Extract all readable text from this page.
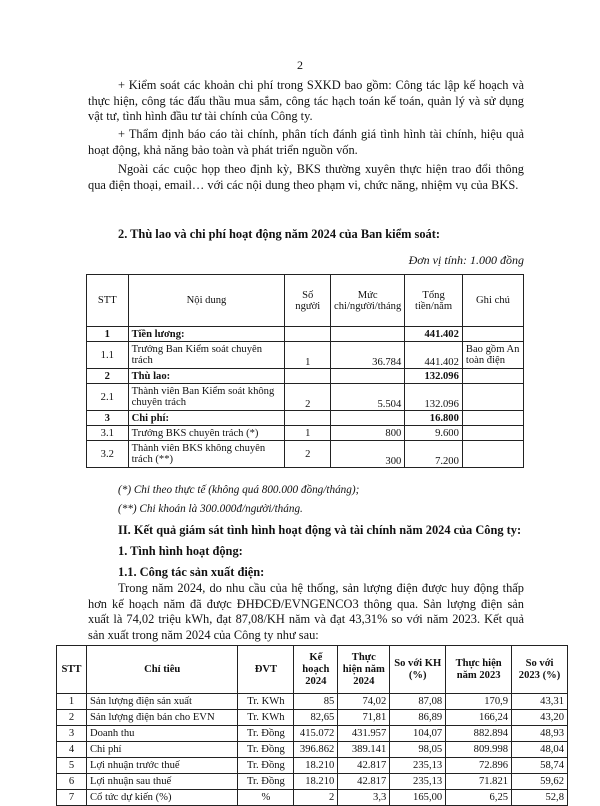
2

+ Kiểm soát các khoản chi phí trong SXKD bao gồm: Công tác lập kế hoạch và thực hiện, công tác đấu thầu mua sắm, công tác hạch toán kế toán, quản lý và sử dụng vật tư, tình hình đầu tư tài chính của Công ty.

+ Thẩm định báo cáo tài chính, phân tích đánh giá tình hình tài chính, hiệu quả hoạt động, khả năng bảo toàn và phát triển nguồn vốn.

Ngoài các cuộc họp theo định kỳ, BKS thường xuyên thực hiện trao đổi thông qua điện thoại, email… với các nội dung theo phạm vi, chức năng, nhiệm vụ của BKS.

2. Thù lao và chi phí hoạt động năm 2024 của Ban kiểm soát:
Đơn vị tính: 1.000 đồng
STT	Nội dung	Số người	Mức chi/người/tháng	Tổng tiền/năm	Ghi chú
1	Tiền lương:			441.402	
1.1	Trưởng Ban Kiểm soát chuyên trách	1	36.784	441.402	Bao gồm An toàn điện
2	Thù lao:			132.096	
2.1	Thành viên Ban Kiểm soát không chuyên trách	2	5.504	132.096	
3	Chi phí:			16.800	
3.1	Trưởng BKS chuyên trách (*)	1	800	9.600	
3.2	Thành viên BKS không chuyên trách (**)	2	300	7.200	
(*) Chi theo thực tế (không quá 800.000 đồng/tháng);
(**) Chi khoán là 300.000đ/người/tháng.
II. Kết quả giám sát tình hình hoạt động và tài chính năm 2024 của Công ty:
1. Tình hình hoạt động:
1.1. Công tác sản xuất điện:

Trong năm 2024, do nhu cầu của hệ thống, sản lượng điện được huy động thấp hơn kế hoạch năm đã được ĐHĐCĐ/EVNGENCO3 thông qua. Sản lượng điện sản xuất là 74,02 triệu kWh, đạt 87,08/KH năm và đạt 43,31% so với năm 2023. Kết quả sản xuất trong năm 2024 của Công ty như sau:

STT	Chỉ tiêu	ĐVT	Kế hoạch 2024	Thực hiện năm 2024	So với KH (%)	Thực hiện năm 2023	So với 2023 (%)
1	Sản lượng điện sản xuất	Tr. KWh	85	74,02	87,08	170,9	43,31
2	Sản lượng điện bán cho EVN	Tr. KWh	82,65	71,81	86,89	166,24	43,20
3	Doanh thu	Tr. Đồng	415.072	431.957	104,07	882.894	48,93
4	Chi phí	Tr. Đồng	396.862	389.141	98,05	809.998	48,04
5	Lợi nhuận trước thuế	Tr. Đồng	18.210	42.817	235,13	72.896	58,74
6	Lợi nhuận sau thuế	Tr. Đồng	18.210	42.817	235,13	71.821	59,62
7	Cổ tức dự kiến (%)	%	2	3,3	165,00	6,25	52,8
